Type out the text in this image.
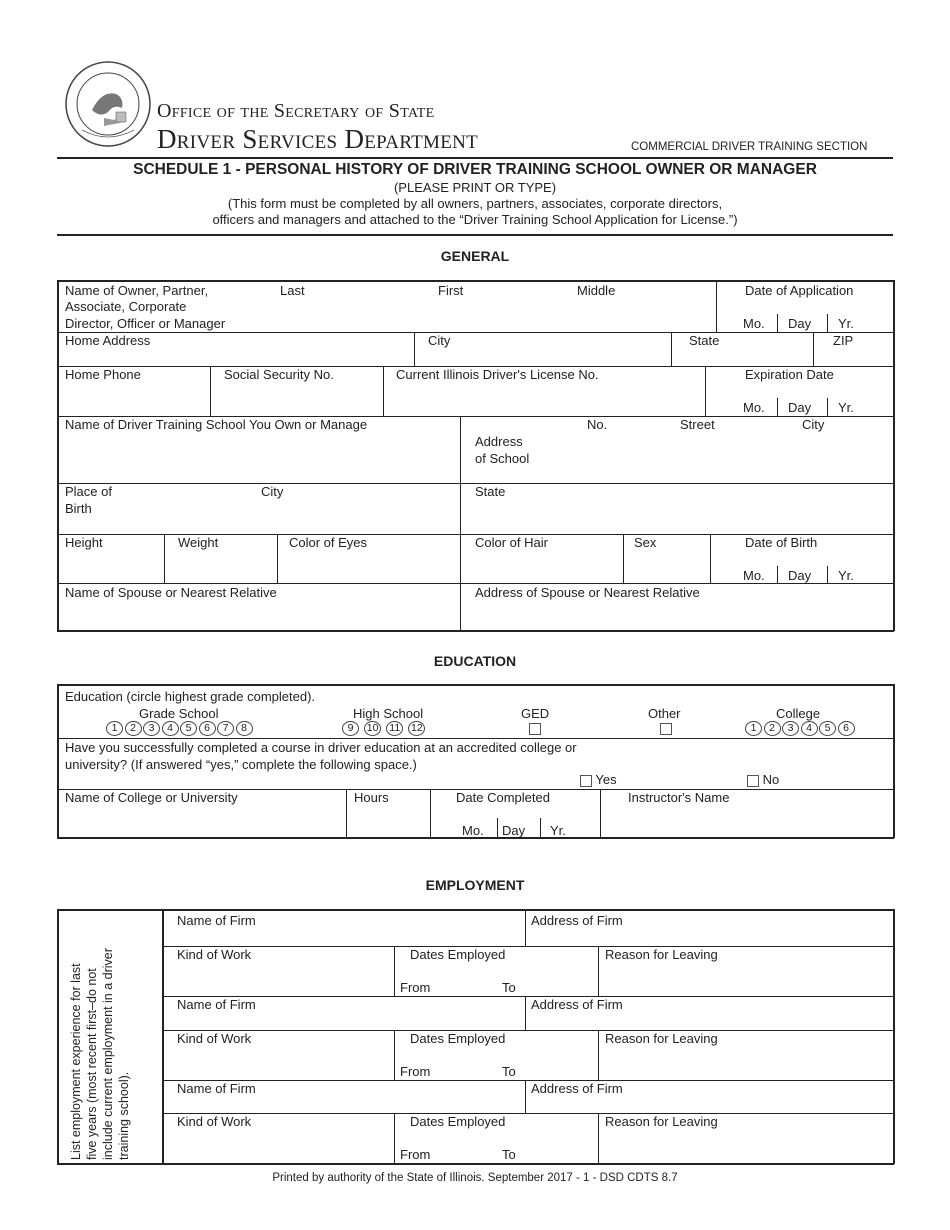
Office of the Secretary of State
Driver Services Department	COMMERCIAL DRIVER TRAINING SECTION
SCHEDULE 1 - PERSONAL HISTORY OF DRIVER TRAINING SCHOOL OWNER OR MANAGER
(PLEASE PRINT OR TYPE)
(This form must be completed by all owners, partners, associates, corporate directors,
officers and managers and attached to the “Driver Training School Application for License.”)
GENERAL
Name of Owner, Partner,
Associate, Corporate
Director, Officer or Manager
Last	First	Middle	Date of Application
Mo. Day Yr.
Home Address	City	State	ZIP
Home Phone	Social Security No.	Current Illinois Driver's License No.	Expiration Date
Mo. Day Yr.
Name of Driver Training School You Own or Manage
Address
of School
No.	Street	City
Place of
Birth
City	State
Height	Weight	Color of Eyes	Color of Hair	Sex	Date of Birth
Mo. Day Yr.
Name of Spouse or Nearest Relative	Address of Spouse or Nearest Relative
EDUCATION
Education (circle highest grade completed).
Grade School	High School	GED	Other	College
1 2 3 4 5 6 7 8	9 10 11 12	1 2 3 4 5 6
Have you successfully completed a course in driver education at an accredited college or
university? (If answered “yes,” complete the following space.)
Yes	No
Name of College or University	Hours	Date Completed	Instructor's Name
Mo. Day Yr.
EMPLOYMENT
List employment experience for last five years (most recent first–do not include current employment in a driver training school).
Name of Firm	Address of Firm
Kind of Work	Dates Employed	Reason for Leaving
From	To
Name of Firm	Address of Firm
Kind of Work	Dates Employed	Reason for Leaving
From	To
Name of Firm	Address of Firm
Kind of Work	Dates Employed	Reason for Leaving
From	To
Printed by authority of the State of Illinois. September 2017 - 1 - DSD CDTS 8.7
